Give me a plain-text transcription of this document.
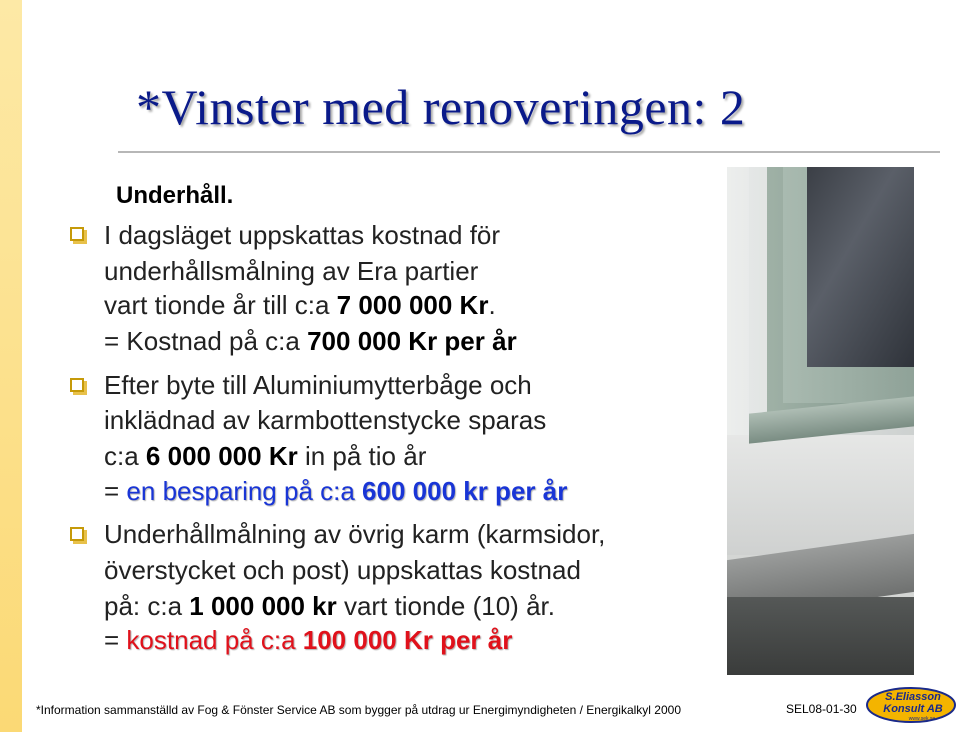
*Vinster med renoveringen: 2
Underhåll.
I dagsläget uppskattas kostnad för
underhållsmålning av Era partier
vart tionde år till c:a 7 000 000 Kr.
= Kostnad på c:a 700 000 Kr per år
Efter byte till Aluminiumytterbåge och
inklädnad av karmbottenstycke sparas
c:a 6 000 000 Kr in på tio år
= en besparing på c:a 600 000 kr per år
Underhållmålning av övrig karm (karmsidor,
överstycket och post) uppskattas kostnad
på: c:a 1 000 000 kr vart tionde (10) år.
= kostnad på c:a 100 000 Kr per år
*Information sammanställd av Fog & Fönster Service AB som bygger på utdrag ur Energimyndigheten / Energikalkyl 2000	SEL08-01-30
S.Eliasson
Konsult AB
www.sek.se
